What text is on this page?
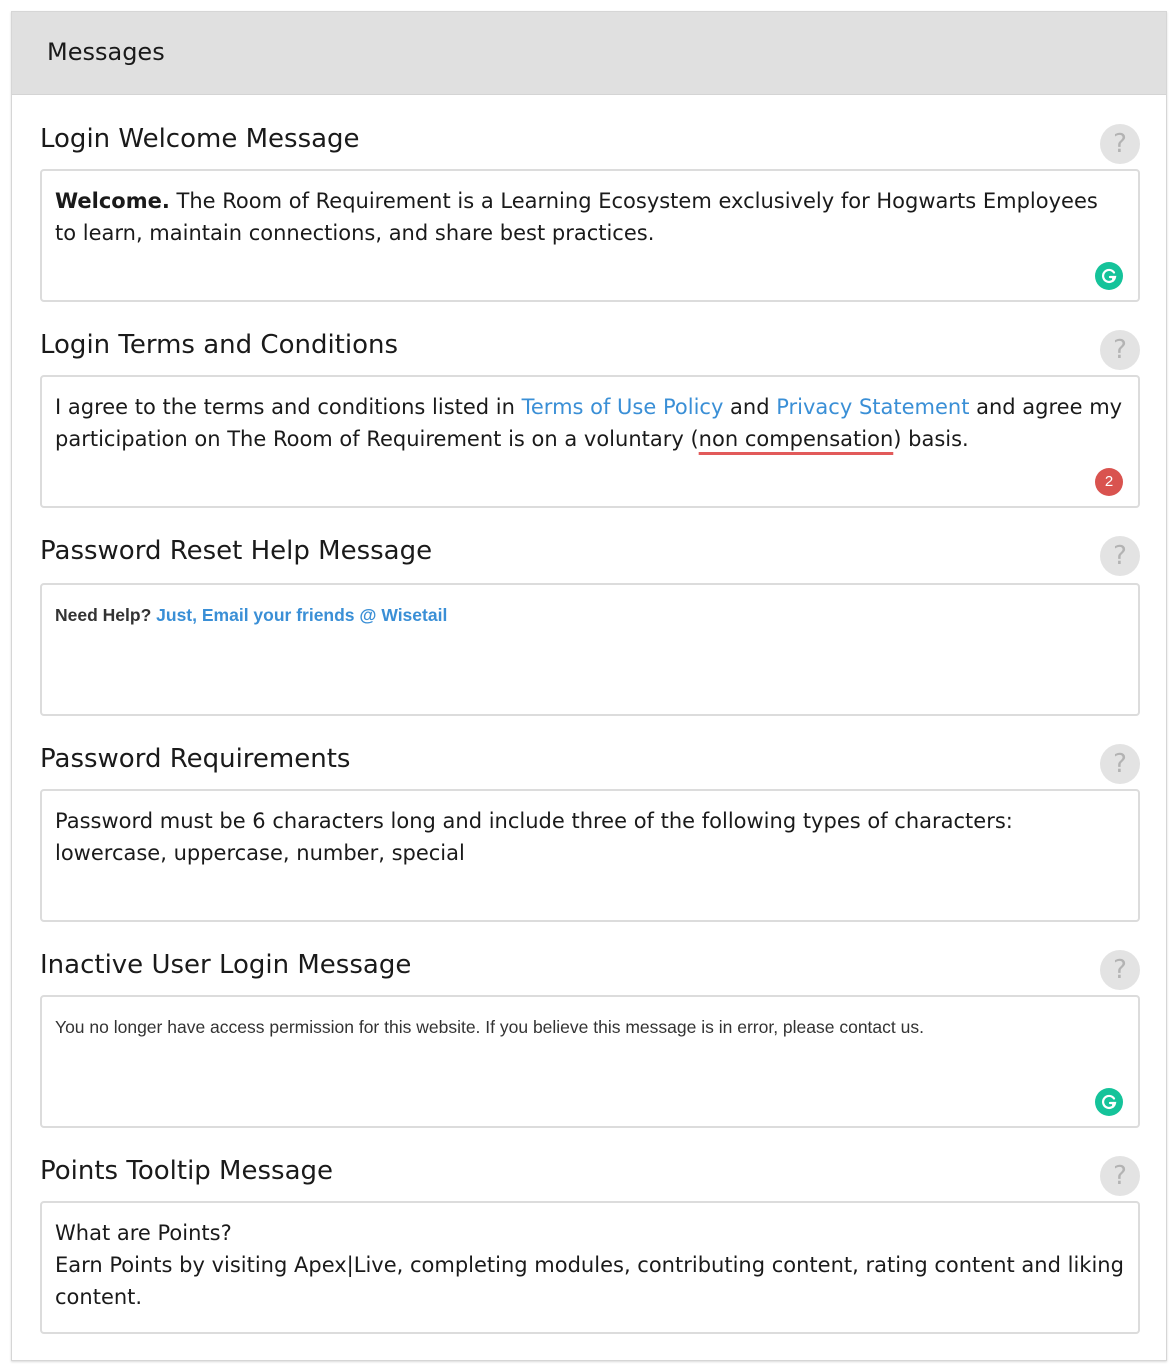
Messages
Login Welcome Message	?
Welcome. The Room of Requirement is a Learning Ecosystem exclusively for Hogwarts Employees to learn, maintain connections, and share best practices.
Login Terms and Conditions	?
I agree to the terms and conditions listed in Terms of Use Policy and Privacy Statement and agree my participation on The Room of Requirement is on a voluntary (non compensation) basis.
2
Password Reset Help Message	?
Need Help? Just, Email your friends @ Wisetail
Password Requirements	?
Password must be 6 characters long and include three of the following types of characters: lowercase, uppercase, number, special
Inactive User Login Message	?
You no longer have access permission for this website. If you believe this message is in error, please contact us.
Points Tooltip Message	?
What are Points?
Earn Points by visiting Apex|Live, completing modules, contributing content, rating content and liking content.
